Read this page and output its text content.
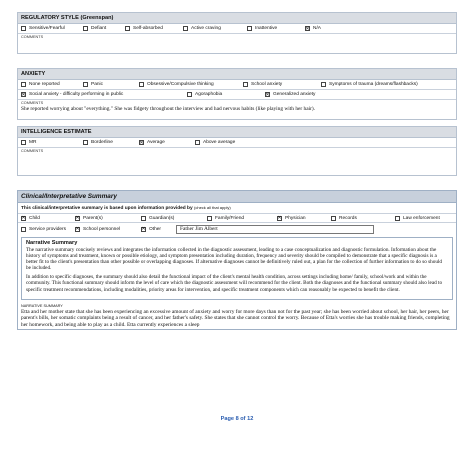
REGULATORY STYLE (Greenspan)
Sensitive/Fearful	Defiant	Self-absorbed	Active craving	Inattentive ✕	N/A
COMMENTS
ANXIETY
None reported	Panic	Obsessive/Compulsive thinking	School anxiety	Symptoms of trauma (dreams/flashbacks)
✕
Social anxiety - difficulty performing in public	Agoraphobia ✕	Generalized anxiety
COMMENTS
She reported worrying about "everything." She was fidgety throughout the interview and had nervous habits (like playing with her hair).
INTELLIGENCE ESTIMATE
MR	Borderline ✕	Average	Above average
COMMENTS
Clinical/Interpretative Summary
This clinical/interpretative summary is based upon information provided by (check all that apply)
✕
Child ✕	Parent(s)	Guardian(s)	Family/Friend ✕	Physician	Records	Law enforcement
Service providers ✕	School personnel ✕	Other	Father Jim Albert
Narrative Summary

The narrative summary concisely reviews and integrates the information collected in the diagnostic assessment, leading to a case conceptualization and diagnostic formulation. Information about the history of symptoms and treatment, known or possible etiology, and symptom presentation including duration, frequency and severity should be compiled to demonstrate that a specific diagnosis is a better fit to the client's presentation than other possible or overlapping diagnoses. If alternative diagnoses cannot be definitively ruled out, a plan for the collection of further information to do so should be included.

In addition to specific diagnoses, the summary should also detail the functional impact of the client's mental health condition, across settings including home/ family, school/work and within the community. This functional summary should inform the level of care which the diagnostic assessment will recommend for the client. Both the diagnoses and the functional summary should also lead to specific treatment recommendations, including modalities, priority areas for intervention, and specific treatment components which can reasonably be expected to benefit the client.

NARRATIVE SUMMARY
Etta and her mother state that she has been experiencing an excessive amount of anxiety and worry for more days than not for the past year; she has been worried about school, her hair, her peers, her parent's bills, her somatic complaints being a result of cancer, and her father's safety. She states that she cannot control the worry. Because of Etta's worries she has trouble making friends, completing her homework, and being able to play as a child. Etta currently experiences a sleep
Page 8 of 12
